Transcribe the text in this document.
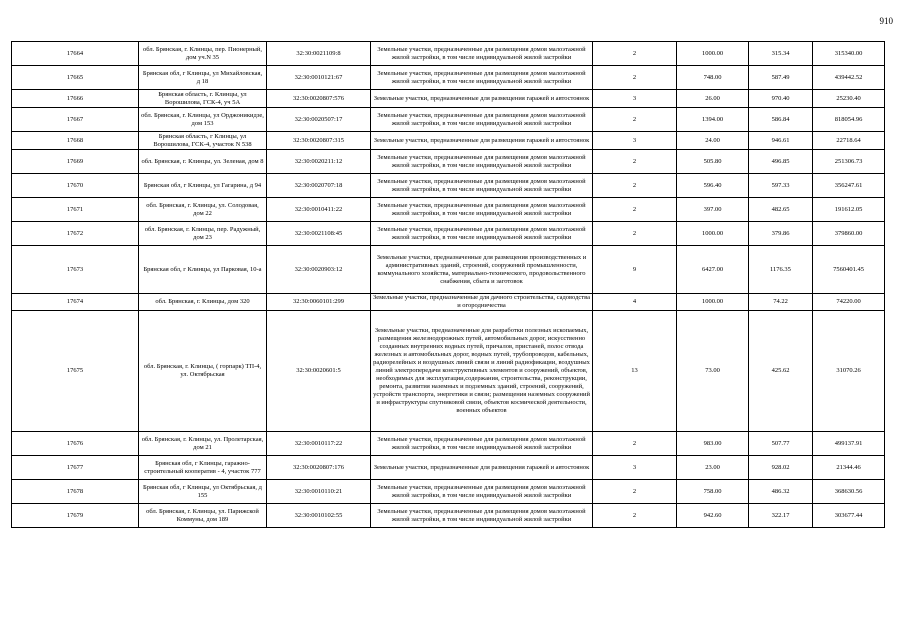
910
17664	обл. Брянская, г. Клинцы, пер. Пионерный, дом уч.N 35	32:30:0021109:8	Земельные участки, предназначенные для размещения домов малоэтажной жилой застройки, в том числе индивидуальной жилой застройки	2	1000.00	315.34	315340.00
17665	Брянская обл, г Клинцы, ул Михайловская, д 18	32:30:0010121:67	Земельные участки, предназначенные для размещения домов малоэтажной жилой застройки, в том числе индивидуальной жилой застройки	2	748.00	587.49	439442.52
17666	Брянская область, г. Клинцы, ул Ворошилова, ГСК-4, уч 5А	32:30:0020807:576	Земельные участки, предназначенные для размещения гаражей и автостоянок	3	26.00	970.40	25230.40
17667	обл. Брянская, г. Клинцы, ул Орджоникидзе, дом 153	32:30:0020507:17	Земельные участки, предназначенные для размещения домов малоэтажной жилой застройки, в том числе индивидуальной жилой застройки	2	1394.00	586.84	818054.96
17668	Брянская область, г Клинцы, ул Ворошилова, ГСК-4, участок N 538	32:30:0020807:315	Земельные участки, предназначенные для размещения гаражей и автостоянок	3	24.00	946.61	22718.64
17669	обл. Брянская, г. Клинцы, ул. Зеленая, дом 8	32:30:0020211:12	Земельные участки, предназначенные для размещения домов малоэтажной жилой застройки, в том числе индивидуальной жилой застройки	2	505.80	496.85	251306.73
17670	Брянская обл, г Клинцы, ул Гагарина, д 94	32:30:0020707:18	Земельные участки, предназначенные для размещения домов малоэтажной жилой застройки, в том числе индивидуальной жилой застройки	2	596.40	597.33	356247.61
17671	обл. Брянская, г. Клинцы, ул. Солодовая, дом 22	32:30:0010411:22	Земельные участки, предназначенные для размещения домов малоэтажной жилой застройки, в том числе индивидуальной жилой застройки	2	397.00	482.65	191612.05
17672	обл. Брянская, г. Клинцы, пер. Радужный, дом 23	32:30:0021108:45	Земельные участки, предназначенные для размещения домов малоэтажной жилой застройки, в том числе индивидуальной жилой застройки	2	1000.00	379.86	379860.00
17673	Брянская обл, г Клинцы, ул Парковая, 10-а	32:30:0020903:12	Земельные участки, предназначенные для размещения производственных и административных зданий, строений, сооружений промышленности, коммунального хозяйства, материально-технического, продовольственного снабжения, сбыта и заготовок	9	6427.00	1176.35	7560401.45
17674	обл. Брянская, г. Клинцы, дом 320	32:30:0060101:299	Земельные участки, предназначенные для дачного строительства, садоводства и огородничества	4	1000.00	74.22	74220.00
17675	обл. Брянская, г. Клинцы, ( горпарк) ТП-4, ул. Октябрьская	32:30:0020601:5	Земельные участки, предназначенные для разработки полезных ископаемых, размещения железнодорожных путей, автомобильных дорог, искусственно созданных внутренних водных путей, причалов, пристаней, полос отвода железных и автомобильных дорог, водных путей, трубопроводов, кабельных, радиорелейных и воздушных линий связи и линий радиофикации, воздушных линий электропередачи конструктивных элементов и сооружений, объектов, необходимых для эксплуатации,содержания, строительства, реконструкции, ремонта, развития наземных и подземных зданий, строений, сооружений, устройств транспорта, энергетики и связи; размещения наземных сооружений и инфраструктуры спутниковой связи, объектов космической деятельности, военных объектов	13	73.00	425.62	31070.26
17676	обл. Брянская, г. Клинцы, ул. Пролетарская, дом 21	32:30:0010117:22	Земельные участки, предназначенные для размещения домов малоэтажной жилой застройки, в том числе индивидуальной жилой застройки	2	983.00	507.77	499137.91
17677	Брянская обл, г Клинцы, гаражно-строительный кооператив - 4, участок 777	32:30:0020807:176	Земельные участки, предназначенные для размещения гаражей и автостоянок	3	23.00	928.02	21344.46
17678	Брянская обл, г Клинцы, ул Октябрьская, д 155	32:30:0010110:21	Земельные участки, предназначенные для размещения домов малоэтажной жилой застройки, в том числе индивидуальной жилой застройки	2	758.00	486.32	368630.56
17679	обл. Брянская, г. Клинцы, ул. Парижской Коммуны, дом 189	32:30:0010102:55	Земельные участки, предназначенные для размещения домов малоэтажной жилой застройки, в том числе индивидуальной жилой застройки	2	942.60	322.17	303677.44
